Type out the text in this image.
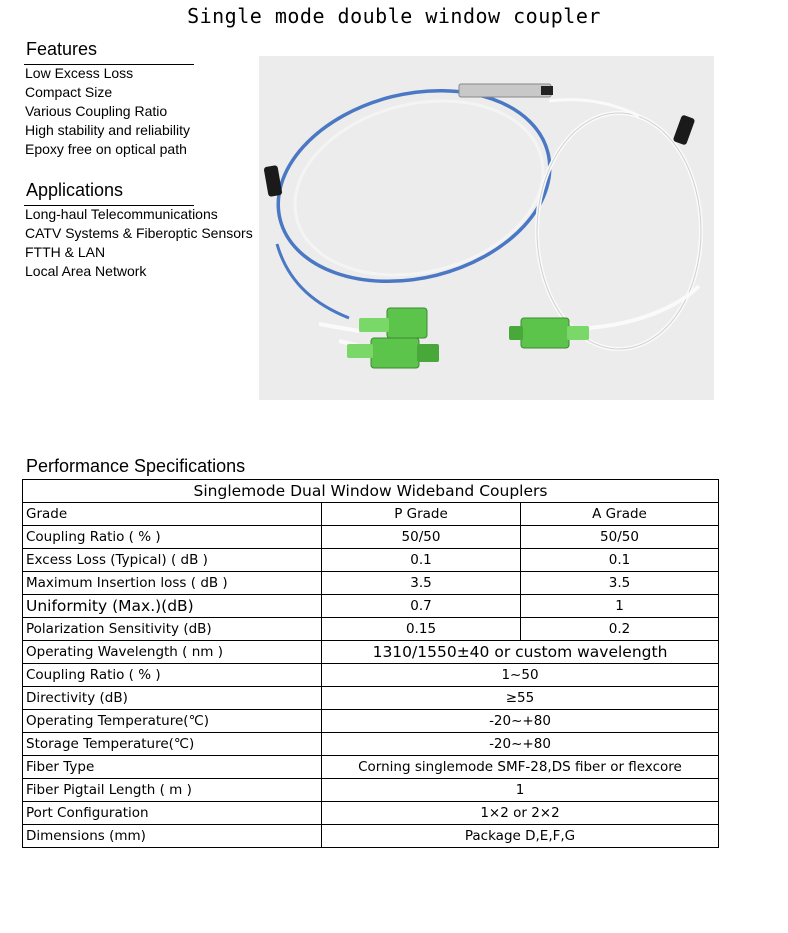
Single mode double window coupler
Features
Low Excess Loss
Compact Size
Various Coupling Ratio
High stability and reliability
Epoxy free on optical path
Applications
Long-haul Telecommunications
CATV Systems & Fiberoptic Sensors
FTTH & LAN
Local Area Network
Performance Specifications
Singlemode Dual Window Wideband Couplers		
Grade	P Grade	A Grade
Coupling Ratio ( % )	50/50	50/50
Excess Loss (Typical) ( dB )	0.1	0.1
Maximum Insertion loss ( dB )	3.5	3.5
Uniformity (Max.)(dB)	0.7	1
Polarization Sensitivity (dB)	0.15	0.2
Operating Wavelength ( nm )	1310/1550±40 or custom wavelength	
Coupling Ratio ( % )	1~50	
Directivity (dB)	≥55	
Operating Temperature(℃)	-20~+80	
Storage Temperature(℃)	-20~+80	
Fiber Type	Corning singlemode SMF-28,DS fiber or flexcore	
Fiber Pigtail Length ( m )	1	
Port Configuration	1×2 or 2×2	
Dimensions (mm)	Package D,E,F,G	
